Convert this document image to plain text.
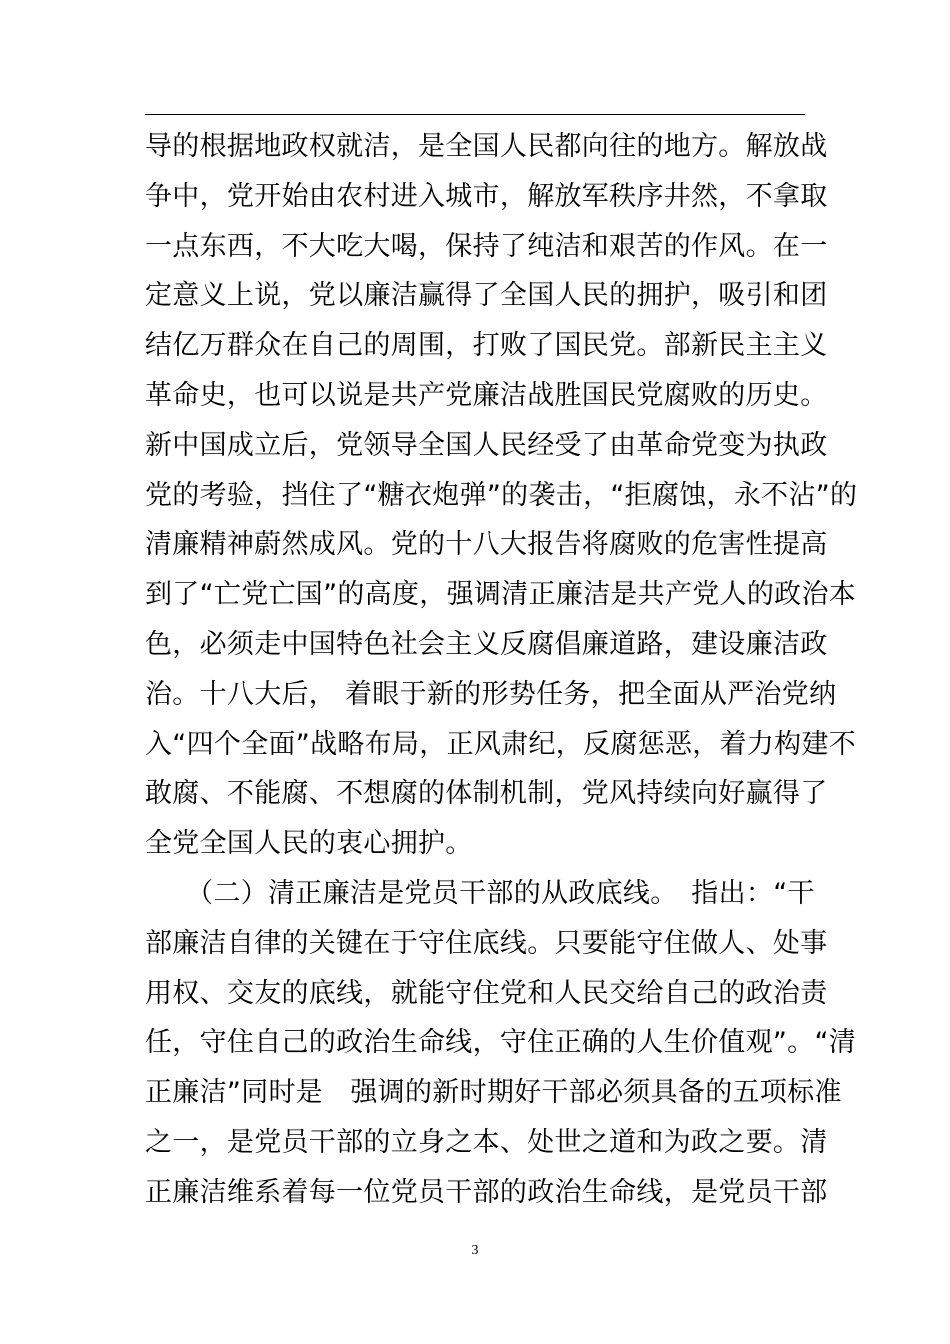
导的根据地政权就洁，是全国人民都向往的地方。解放战
争中，党开始由农村进入城市，解放军秩序井然，不拿取
一点东西，不大吃大喝，保持了纯洁和艰苦的作风。在一
定意义上说，党以廉洁赢得了全国人民的拥护，吸引和团
结亿万群众在自己的周围，打败了国民党。部新民主主义
革命史，也可以说是共产党廉洁战胜国民党腐败的历史。
新中国成立后，党领导全国人民经受了由革命党变为执政
党的考验，挡住了“糖衣炮弹”的袭击，“拒腐蚀，永不沾”的
清廉精神蔚然成风。党的十八大报告将腐败的危害性提高
到了“亡党亡国”的高度，强调清正廉洁是共产党人的政治本
色，必须走中国特色社会主义反腐倡廉道路，建设廉洁政
治。十八大后， 着眼于新的形势任务，把全面从严治党纳
入“四个全面”战略布局，正风肃纪，反腐惩恶，着力构建不
敢腐、不能腐、不想腐的体制机制，党风持续向好赢得了
全党全国人民的衷心拥护。
　　（二）清正廉洁是党员干部的从政底线。　指出：“干
部廉洁自律的关键在于守住底线。只要能守住做人、处事
用权、交友的底线，就能守住党和人民交给自己的政治责
任，守住自己的政治生命线，守住正确的人生价值观”。“清
正廉洁”同时是　强调的新时期好干部必须具备的五项标准
之一，是党员干部的立身之本、处世之道和为政之要。清
正廉洁维系着每一位党员干部的政治生命线，是党员干部
3
